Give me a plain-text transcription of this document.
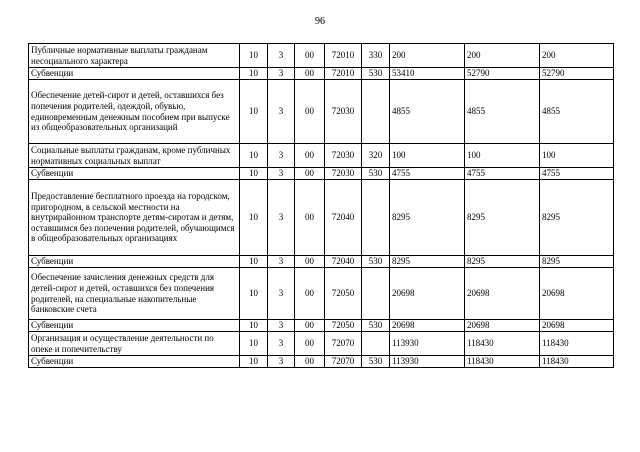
96
Публичные нормативные выплаты гражданам несоциального характера	10	3	00	72010	330	200	200	200
Субвенции	10	3	00	72010	530	53410	52790	52790
Обеспечение детей-сирот и детей, оставшихся без попечения родителей, одеждой, обувью, единовременным денежным пособием при выпуске из общеобразовательных организаций	10	3	00	72030		4855	4855	4855
Социальные выплаты гражданам, кроме публичных нормативных социальных выплат	10	3	00	72030	320	100	100	100
Субвенции	10	3	00	72030	530	4755	4755	4755
Предоставление бесплатного проезда на городском, пригородном, в сельской местности на внутрирайонном транспорте детям-сиротам и детям, оставшимся без попечения родителей, обучающимся в общеобразовательных организациях	10	3	00	72040		8295	8295	8295
Субвенции	10	3	00	72040	530	8295	8295	8295
Обеспечение зачисления денежных средств для детей-сирот и детей, оставшихся без попечения родителей, на специальные накопительные банковские счета	10	3	00	72050		20698	20698	20698
Субвенции	10	3	00	72050	530	20698	20698	20698
Организация и осуществление деятельности по опеке и попечительству	10	3	00	72070		113930	118430	118430
Субвенции	10	3	00	72070	530	113930	118430	118430
